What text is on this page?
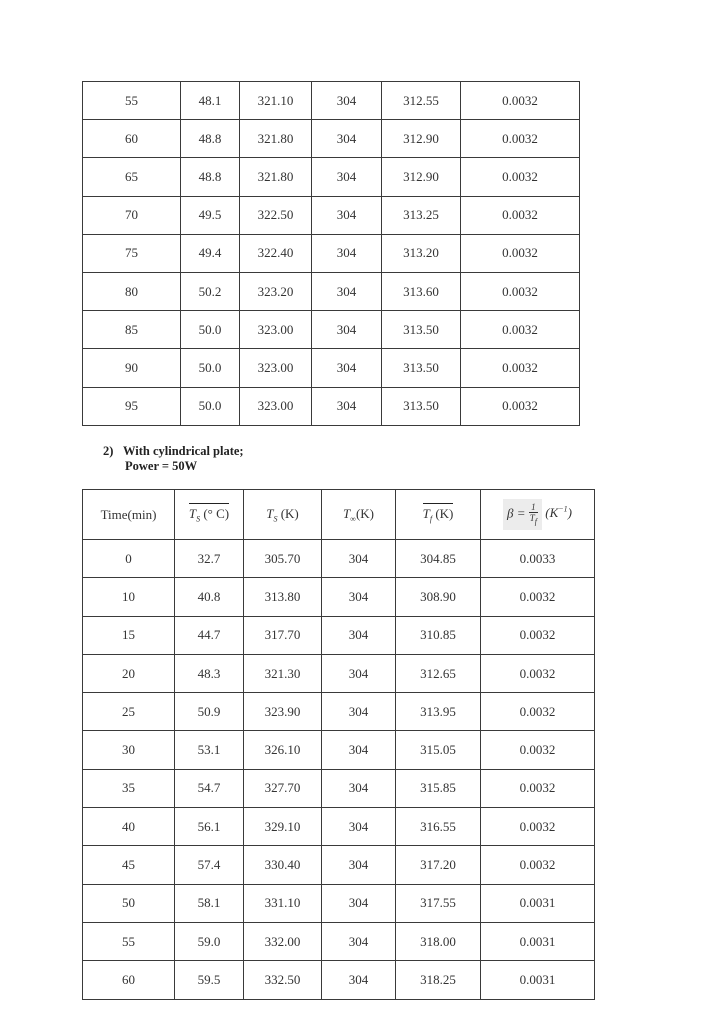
55	48.1	321.10	304	312.55	0.0032
60	48.8	321.80	304	312.90	0.0032
65	48.8	321.80	304	312.90	0.0032
70	49.5	322.50	304	313.25	0.0032
75	49.4	322.40	304	313.20	0.0032
80	50.2	323.20	304	313.60	0.0032
85	50.0	323.00	304	313.50	0.0032
90	50.0	323.00	304	313.50	0.0032
95	50.0	323.00	304	313.50	0.0032
2) With cylindrical plate;
Power = 50W
Time(min)	$T_S$ (° C)	$T_S$ (K)	$T_\infty(K)$	$T_f$ (K)	$\beta = \frac{1}{T_f} (K^{-1})$
0	32.7	305.70	304	304.85	0.0033
10	40.8	313.80	304	308.90	0.0032
15	44.7	317.70	304	310.85	0.0032
20	48.3	321.30	304	312.65	0.0032
25	50.9	323.90	304	313.95	0.0032
30	53.1	326.10	304	315.05	0.0032
35	54.7	327.70	304	315.85	0.0032
40	56.1	329.10	304	316.55	0.0032
45	57.4	330.40	304	317.20	0.0032
50	58.1	331.10	304	317.55	0.0031
55	59.0	332.00	304	318.00	0.0031
60	59.5	332.50	304	318.25	0.0031
